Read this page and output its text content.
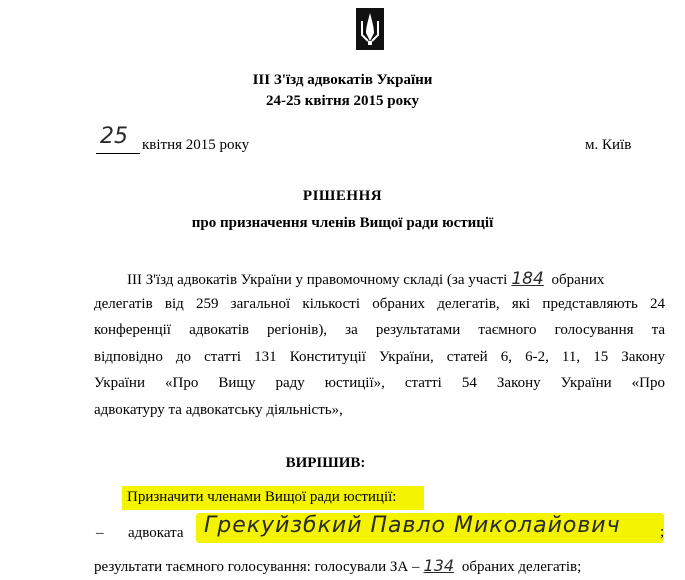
ІІІ З'їзд адвокатів України
24-25 квітня 2015 року
25 квітня 2015 року	м. Київ
РІШЕННЯ
про призначення членів Вищої ради юстиції
ІІІ З'їзд адвокатів України у правомочному складі (за участі 184 обраних
делегатів від 259 загальної кількості обраних делегатів, які представляють 24
конференції адвокатів регіонів), за результатами таємного голосування та
відповідно до статті 131 Конституції України, статей 6, 6-2, 11, 15 Закону
України «Про Вищу раду юстиції», статті 54 Закону України «Про
адвокатуру та адвокатську діяльність»,
ВИРІШИВ:
Призначити членами Вищої ради юстиції:
– адвоката Грекуйзбкий Павло Миколайович	;
результати таємного голосування: голосували ЗА – 134 обраних делегатів;
